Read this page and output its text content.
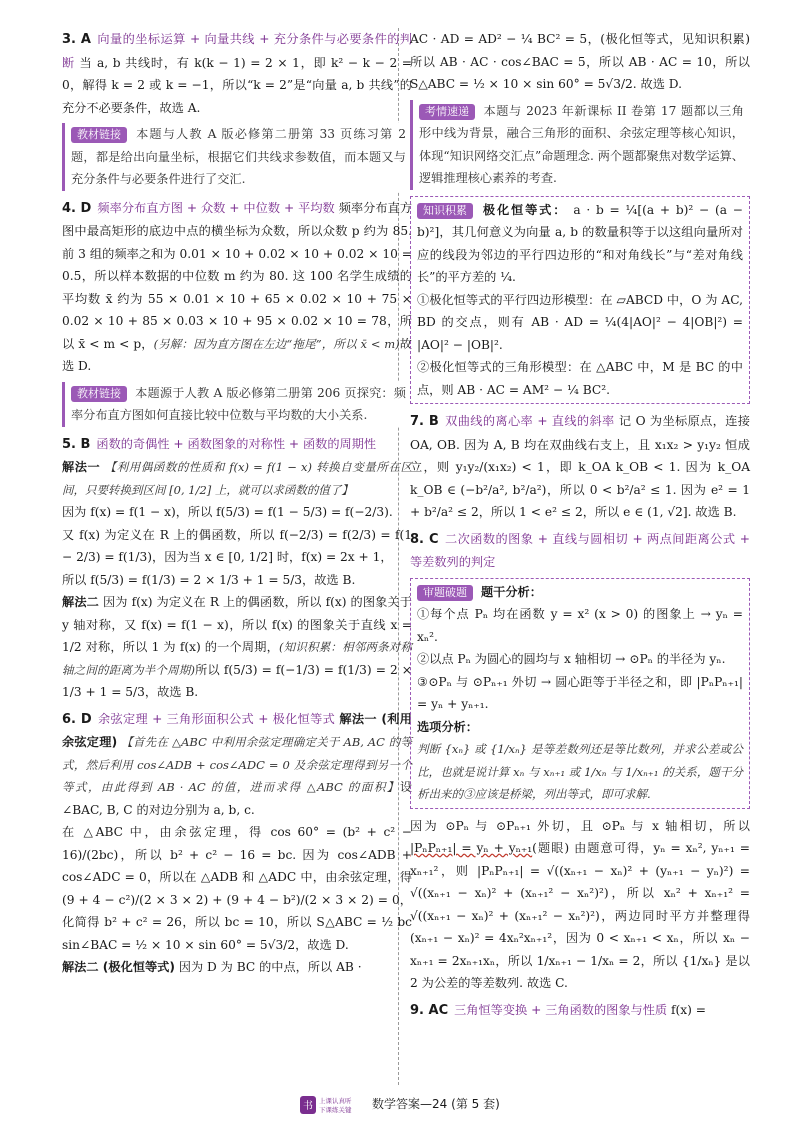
3. A 向量的坐标运算 + 向量共线 + 充分条件与必要条件的判断 当 a, b 共线时，有 k(k − 1) = 2 × 1，即 k² − k − 2 = 0，解得 k = 2 或 k = −1，所以“k = 2”是“向量 a, b 共线”的充分不必要条件，故选 A.
教材链接 本题与人教 A 版必修第二册第 33 页练习第 2 题，都是给出向量坐标，根据它们共线求参数值，而本题又与充分条件与必要条件进行了交汇.
4. D 频率分布直方图 + 众数 + 中位数 + 平均数 频率分布直方图中最高矩形的底边中点的横坐标为众数，所以众数 p 约为 85. 前 3 组的频率之和为 0.01 × 10 + 0.02 × 10 + 0.02 × 10 = 0.5，所以样本数据的中位数 m 约为 80. 这 100 名学生成绩的平均数 x̄ 约为 55 × 0.01 × 10 + 65 × 0.02 × 10 + 75 × 0.02 × 10 + 85 × 0.03 × 10 + 95 × 0.02 × 10 = 78，所以 x̄ < m < p，(另解：因为直方图在左边“拖尾”，所以 x̄ < m)故选 D.
教材链接 本题源于人教 A 版必修第二册第 206 页探究：频率分布直方图如何直接比较中位数与平均数的大小关系.
5. B 函数的奇偶性 + 函数图象的对称性 + 函数的周期性
解法一 【利用偶函数的性质和 f(x) = f(1 − x) 转换自变量所在区间，只要转换到区间 [0, 1/2] 上，就可以求函数的值了】
因为 f(x) = f(1 − x)，所以 f(5/3) = f(1 − 5/3) = f(−2/3).
又 f(x) 为定义在 R 上的偶函数，所以 f(−2/3) = f(2/3) = f(1 − 2/3) = f(1/3)，因为当 x ∈ [0, 1/2] 时，f(x) = 2x + 1，
所以 f(5/3) = f(1/3) = 2 × 1/3 + 1 = 5/3，故选 B.
解法二 因为 f(x) 为定义在 R 上的偶函数，所以 f(x) 的图象关于 y 轴对称，又 f(x) = f(1 − x)，所以 f(x) 的图象关于直线 x = 1/2 对称，所以 1 为 f(x) 的一个周期，(知识积累：相邻两条对称轴之间的距离为半个周期)所以 f(5/3) = f(−1/3) = f(1/3) = 2 × 1/3 + 1 = 5/3，故选 B.
6. D 余弦定理 + 三角形面积公式 + 极化恒等式 解法一 (利用余弦定理) 【首先在 △ABC 中利用余弦定理确定关于 AB, AC 的等式，然后利用 cos∠ADB + cos∠ADC = 0 及余弦定理得到另一个等式，由此得到 AB · AC 的值，进而求得 △ABC 的面积】设 ∠BAC, B, C 的对边分别为 a, b, c.
在 △ABC 中，由余弦定理，得 cos 60° = (b² + c² − 16)/(2bc)，所以 b² + c² − 16 = bc. 因为 cos∠ADB + cos∠ADC = 0，所以在 △ADB 和 △ADC 中，由余弦定理，得 (9 + 4 − c²)/(2 × 3 × 2) + (9 + 4 − b²)/(2 × 3 × 2) = 0，化简得 b² + c² = 26，所以 bc = 10，所以 S△ABC = ½ bc sin∠BAC = ½ × 10 × sin 60° = 5√3/2，故选 D.
解法二 (极化恒等式) 因为 D 为 BC 的中点，所以 AB ·
AC · AD = AD² − ¼ BC² = 5，(极化恒等式，见知识积累) 所以 AB · AC · cos∠BAC = 5，所以 AB · AC = 10，所以 S△ABC = ½ × 10 × sin 60° = 5√3/2. 故选 D.
考情速递 本题与 2023 年新课标 II 卷第 17 题都以三角形中线为背景，融合三角形的面积、余弦定理等核心知识，体现“知识网络交汇点”命题理念. 两个题都聚焦对数学运算、逻辑推理核心素养的考查.
知识积累 极化恒等式： a · b = ¼[(a + b)² − (a − b)²]，其几何意义为向量 a, b 的数量积等于以这组向量所对应的线段为邻边的平行四边形的“和对角线长”与“差对角线长”的平方差的 ¼.
①极化恒等式的平行四边形模型：在 ▱ABCD 中，O 为 AC, BD 的交点，则有 AB · AD = ¼(4|AO|² − 4|OB|²) = |AO|² − |OB|².
②极化恒等式的三角形模型：在 △ABC 中，M 是 BC 的中点，则 AB · AC = AM² − ¼ BC².
7. B 双曲线的离心率 + 直线的斜率 记 O 为坐标原点，连接 OA, OB. 因为 A, B 均在双曲线右支上，且 x₁x₂ > y₁y₂ 恒成立，则 y₁y₂/(x₁x₂) < 1，即 k_OA k_OB < 1. 因为 k_OA k_OB ∈ (−b²/a², b²/a²)，所以 0 < b²/a² ≤ 1. 因为 e² = 1 + b²/a² ≤ 2，所以 1 < e² ≤ 2，所以 e ∈ (1, √2]. 故选 B.
8. C 二次函数的图象 + 直线与圆相切 + 两点间距离公式 + 等差数列的判定
审题破题 题干分析：
①每个点 Pₙ 均在函数 y = x² (x > 0) 的图象上 → yₙ = xₙ².
②以点 Pₙ 为圆心的圆均与 x 轴相切 → ⊙Pₙ 的半径为 yₙ.
③⊙Pₙ 与 ⊙Pₙ₊₁ 外切 → 圆心距等于半径之和，即 |PₙPₙ₊₁| = yₙ + yₙ₊₁.
选项分析：
判断 {xₙ} 或 {1/xₙ} 是等差数列还是等比数列，并求公差或公比，也就是说计算 xₙ 与 xₙ₊₁ 或 1/xₙ 与 1/xₙ₊₁ 的关系，题干分析出来的③应该是桥梁，列出等式，即可求解.
因为 ⊙Pₙ 与 ⊙Pₙ₊₁ 外切，且 ⊙Pₙ 与 x 轴相切，所以 |PₙPₙ₊₁| = yₙ + yₙ₊₁(题眼) 由题意可得，yₙ = xₙ², yₙ₊₁ = xₙ₊₁²，则 |PₙPₙ₊₁| = √((xₙ₊₁ − xₙ)² + (yₙ₊₁ − yₙ)²) = √((xₙ₊₁ − xₙ)² + (xₙ₊₁² − xₙ²)²)，所以 xₙ² + xₙ₊₁² = √((xₙ₊₁ − xₙ)² + (xₙ₊₁² − xₙ²)²)，两边同时平方并整理得 (xₙ₊₁ − xₙ)² = 4xₙ²xₙ₊₁²，因为 0 < xₙ₊₁ < xₙ，所以 xₙ − xₙ₊₁ = 2xₙ₊₁xₙ，所以 1/xₙ₊₁ − 1/xₙ = 2，所以 {1/xₙ} 是以 2 为公差的等差数列. 故选 C.
9. AC 三角恒等变换 + 三角函数的图象与性质 f(x) =
书 上课认真听
下课练关键 数学答案—24 (第 5 套)
